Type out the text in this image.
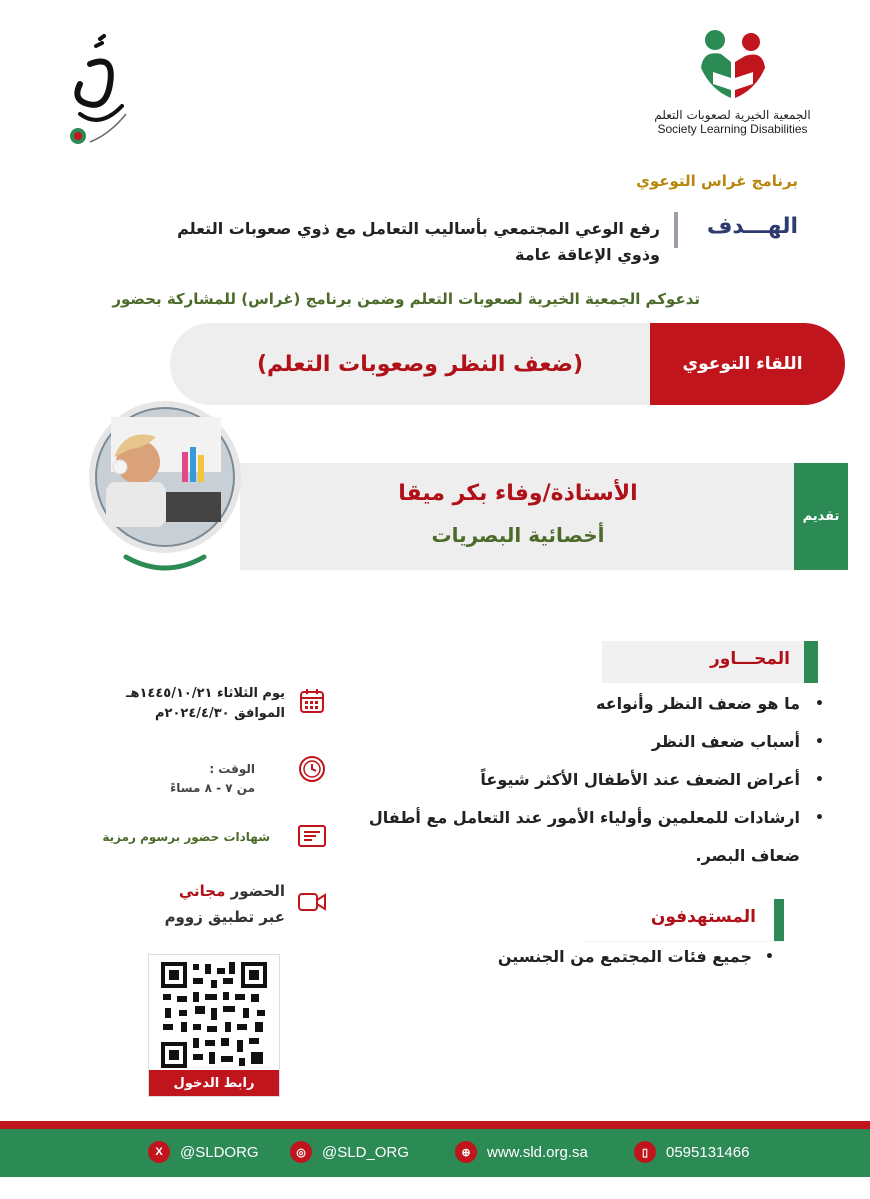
الجمعية الخيرية لصعوبات التعلم
Society Learning Disabilities
برنامج غراس التوعوي
الهـــدف
رفع الوعي المجتمعي بأساليب التعامل مع ذوي صعوبات التعلم وذوي الإعاقة عامة
تدعوكم الجمعية الخيرية لصعوبات التعلم وضمن برنامج (غراس) للمشاركة بحضور
اللقاء التوعوي
(ضعف النظر وصعوبات التعلم)
تقديم
الأستاذة/وفاء بكر ميقا
أخصائية البصريات
المحـــاور
• ما هو ضعف النظر وأنواعه
• أسباب ضعف النظر
• أعراض الضعف عند الأطفال الأكثر شيوعاً
• ارشادات للمعلمين وأولياء الأمور عند التعامل مع أطفال ضعاف البصر.
المستهدفون
• جميع فئات المجتمع من الجنسين
يوم الثلاثاء ١٤٤٥/١٠/٢١هـ
الموافق ٢٠٢٤/٤/٣٠م
الوقت :
من ٧ - ٨ مساءً
شهادات حضور برسوم رمزية
الحضور مجاني
عبر تطبيق زووم
رابط الدخول
X	@SLDORG	◎	@SLD_ORG	⊕	www.sld.org.sa	▯	0595131466
